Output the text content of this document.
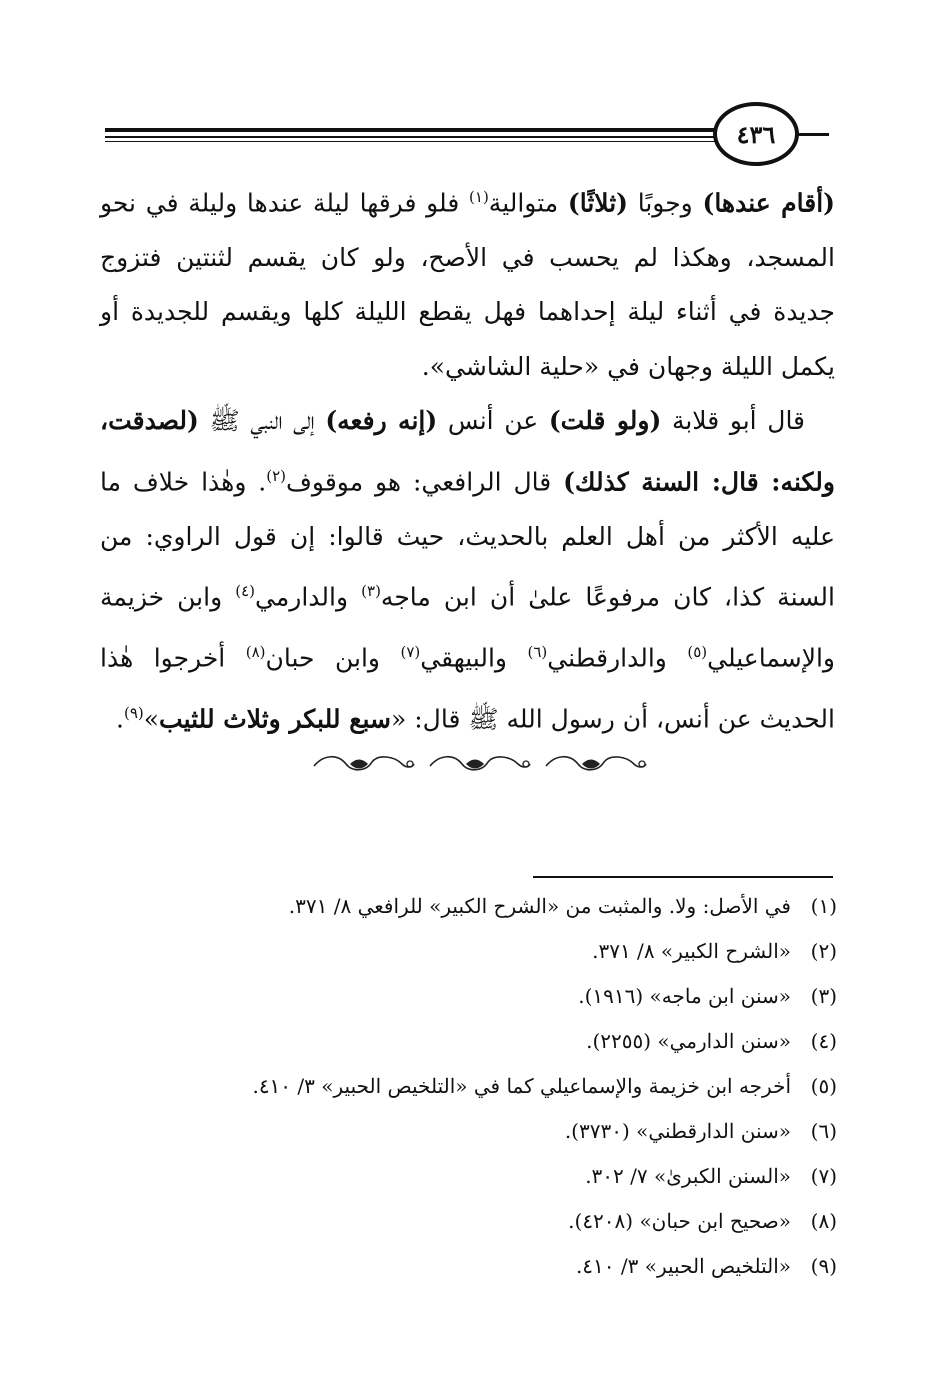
٤٣٦

(أقام عندها) وجوبًا (ثلاثًا) متوالية$^{(١)}$ فلو فرقها ليلة عندها وليلة في نحو المسجد، وهكذا لم يحسب في الأصح، ولو كان يقسم لثنتين فتزوج جديدة في أثناء ليلة إحداهما فهل يقطع الليلة كلها ويقسم للجديدة أو يكمل الليلة وجهان في «حلية الشاشي».

قال أبو قلابة (ولو قلت) عن أنس (إنه رفعه) إلى النبي ﷺ (لصدقت، ولكنه: قال: السنة كذلك) قال الرافعي: هو موقوف$^{(٢)}$. وهٰذا خلاف ما عليه الأكثر من أهل العلم بالحديث، حيث قالوا: إن قول الراوي: من السنة كذا، كان مرفوعًا علىٰ أن ابن ماجه$^{(٣)}$ والدارمي$^{(٤)}$ وابن خزيمة والإسماعيلي$^{(٥)}$ والدارقطني$^{(٦)}$ والبيهقي$^{(٧)}$ وابن حبان$^{(٨)}$ أخرجوا هٰذا الحديث عن أنس، أن رسول الله ﷺ قال: «سبع للبكر وثلاث للثيب»$^{(٩)}$.

(١)في الأصل: ولا. والمثبت من «الشرح الكبير» للرافعي ٨/ ٣٧١.
(٢)«الشرح الكبير» ٨/ ٣٧١.
(٣)«سنن ابن ماجه» (١٩١٦).
(٤)«سنن الدارمي» (٢٢٥٥).
(٥)أخرجه ابن خزيمة والإسماعيلي كما في «التلخيص الحبير» ٣/ ٤١٠.
(٦)«سنن الدارقطني» (٣٧٣٠).
(٧)«السنن الكبرىٰ» ٧/ ٣٠٢.
(٨)«صحيح ابن حبان» (٤٢٠٨).
(٩)«التلخيص الحبير» ٣/ ٤١٠.
